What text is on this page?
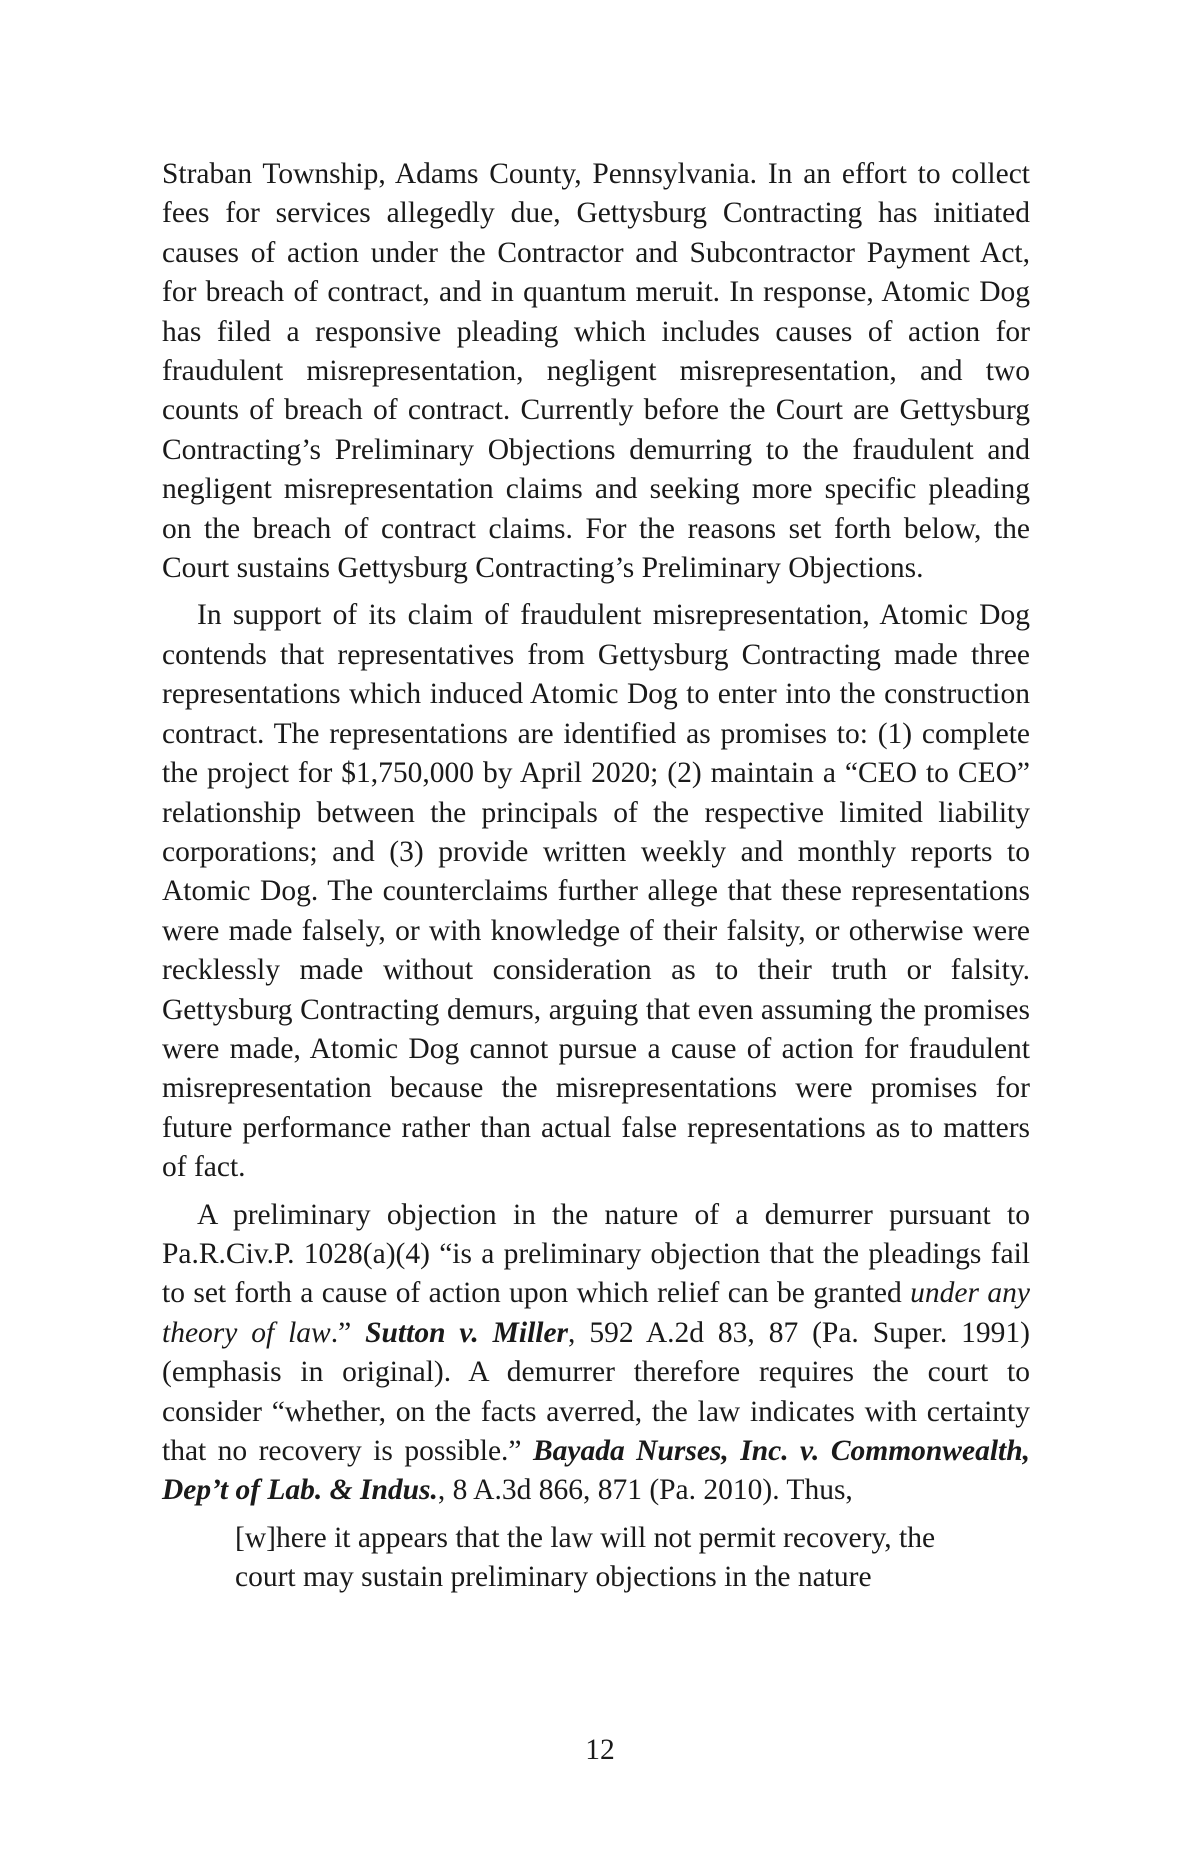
Straban Township, Adams County, Pennsylvania. In an effort to collect fees for services allegedly due, Gettysburg Contracting has initiated causes of action under the Contractor and Subcontractor Payment Act, for breach of contract, and in quantum meruit. In response, Atomic Dog has filed a responsive pleading which includes causes of action for fraudulent misrepresentation, negligent misrepresentation, and two counts of breach of contract. Currently before the Court are Gettysburg Contracting’s Preliminary Objections demurring to the fraudulent and negligent misrepresentation claims and seeking more specific pleading on the breach of contract claims. For the reasons set forth below, the Court sustains Gettysburg Contracting’s Preliminary Objections.

In support of its claim of fraudulent misrepresentation, Atomic Dog contends that representatives from Gettysburg Contracting made three representations which induced Atomic Dog to enter into the construction contract. The representations are identified as promises to: (1) complete the project for $1,750,000 by April 2020; (2) maintain a “CEO to CEO” relationship between the principals of the respective limited liability corporations; and (3) provide written weekly and monthly reports to Atomic Dog. The counterclaims further allege that these representations were made falsely, or with knowledge of their falsity, or otherwise were recklessly made without consideration as to their truth or falsity. Gettysburg Contracting demurs, arguing that even assuming the promises were made, Atomic Dog cannot pursue a cause of action for fraudulent misrepresentation because the misrepresentations were promises for future performance rather than actual false representations as to matters of fact.

A preliminary objection in the nature of a demurrer pursuant to Pa.R.Civ.P. 1028(a)(4) “is a preliminary objection that the pleadings fail to set forth a cause of action upon which relief can be granted under any theory of law.” Sutton v. Miller, 592 A.2d 83, 87 (Pa. Super. 1991) (emphasis in original). A demurrer therefore requires the court to consider “whether, on the facts averred, the law indicates with certainty that no recovery is possible.” Bayada Nurses, Inc. v. Commonwealth, Dep’t of Lab. & Indus., 8 A.3d 866, 871 (Pa. 2010). Thus,

[w]here it appears that the law will not permit recovery, the court may sustain preliminary objections in the nature

12
